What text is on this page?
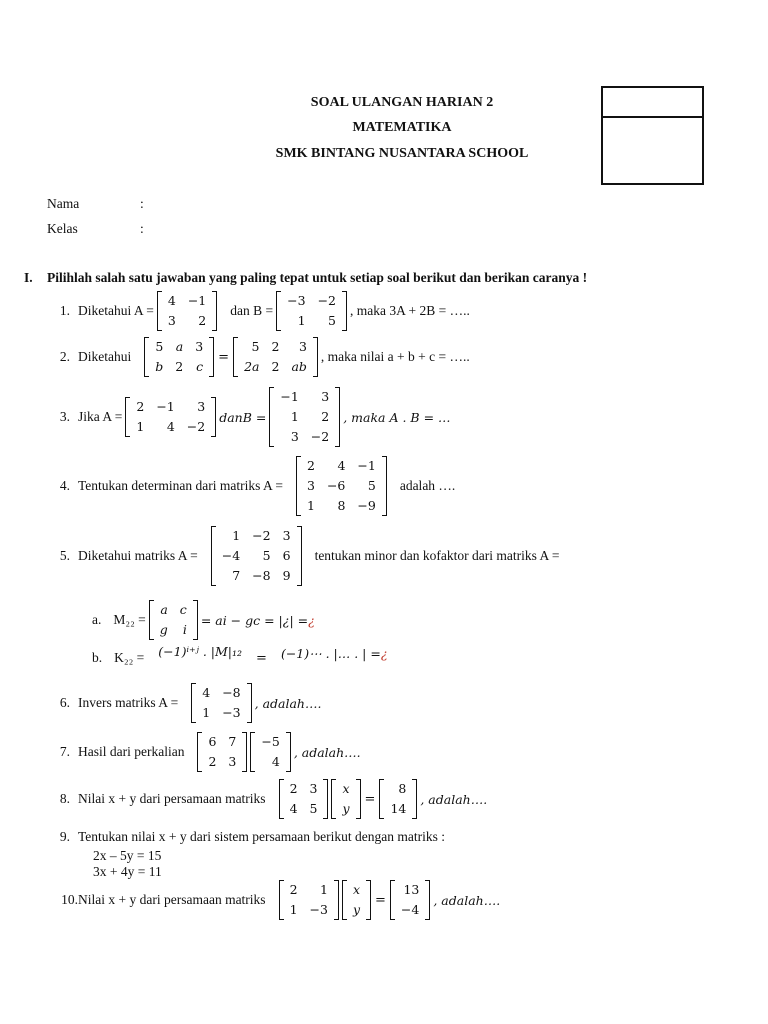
SOAL ULANGAN HARIAN 2
MATEMATIKA
SMK BINTANG NUSANTARA SCHOOL
Nama	:
Kelas	:
I. Pilihlah salah satu jawaban yang paling tepat untuk setiap soal berikut dan berikan caranya !
1. Diketahui A =
4	−1
3	2
dan B =
−3	−2
1	5
, maka 3A + 2B = …..
2. Diketahui
5	a	3
b	2	c
=
5	2	3
2a	2	ab
, maka nilai a + b + c = …..
3. Jika A =
2	−1	3
1	4	−2
danB =
−1	3
1	2
3	−2
, maka A . B = …
4. Tentukan determinan dari matriks A =
2	4	−1
3	−6	5
1	8	−9
adalah ….
5. Diketahui matriks A =
1	−2	3
−4	5	6
7	−8	9
tentukan minor dan kofaktor dari matriks A =
a. M₂₂ =
a	c
g	i
= ai − gc = |¿| = ¿
b. K₂₂ = (−1)ⁱ⁺ʲ . |M|₁₂ = (−1)⋯ . |… . | = ¿
6. Invers matriks A =
4	−8
1	−3
, adalah….
7. Hasil dari perkalian
6	7
2	3
−5
4
, adalah….
8. Nilai x + y dari persamaan matriks
2	3
4	5
x
y
=
8
14
, adalah….
9. Tentukan nilai x + y dari sistem persamaan berikut dengan matriks :
2x – 5y = 15
3x + 4y = 11
10. Nilai x + y dari persamaan matriks
2	1
1	−3
x
y
=
13
−4
, adalah….
